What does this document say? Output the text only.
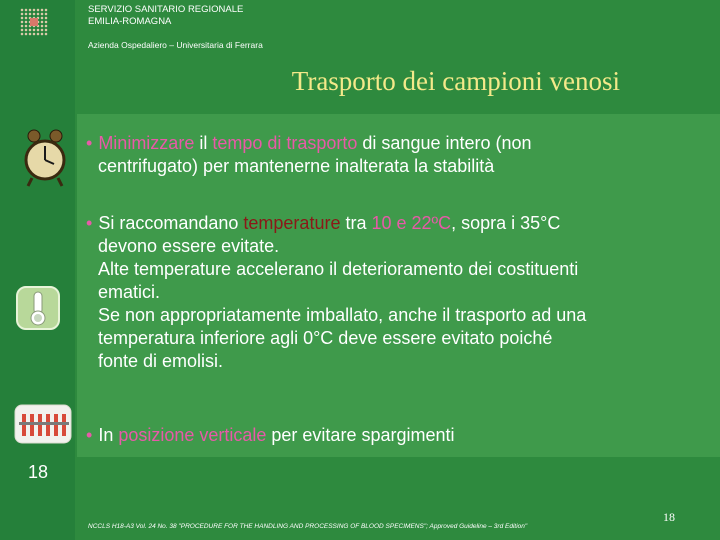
SERVIZIO SANITARIO REGIONALE
EMILIA-ROMAGNA
Azienda Ospedaliero – Universitaria di Ferrara
Trasporto dei campioni venosi
• Minimizzare il tempo di trasporto di sangue intero (non
centrifugato) per mantenerne inalterata la stabilità
• Si raccomandano temperature tra 10 e 22ºC, sopra i 35°C
devono essere evitate.
Alte temperature accelerano il deterioramento dei costituenti
ematici.
Se non appropriatamente imballato, anche il trasporto ad una
temperatura inferiore agli 0°C deve essere evitato poiché
fonte di emolisi.
• In posizione verticale per evitare spargimenti
18
18
NCCLS H18-A3 Vol. 24 No. 38 "PROCEDURE FOR THE HANDLING AND PROCESSING OF BLOOD SPECIMENS"; Approved Guideline – 3rd Edition"
